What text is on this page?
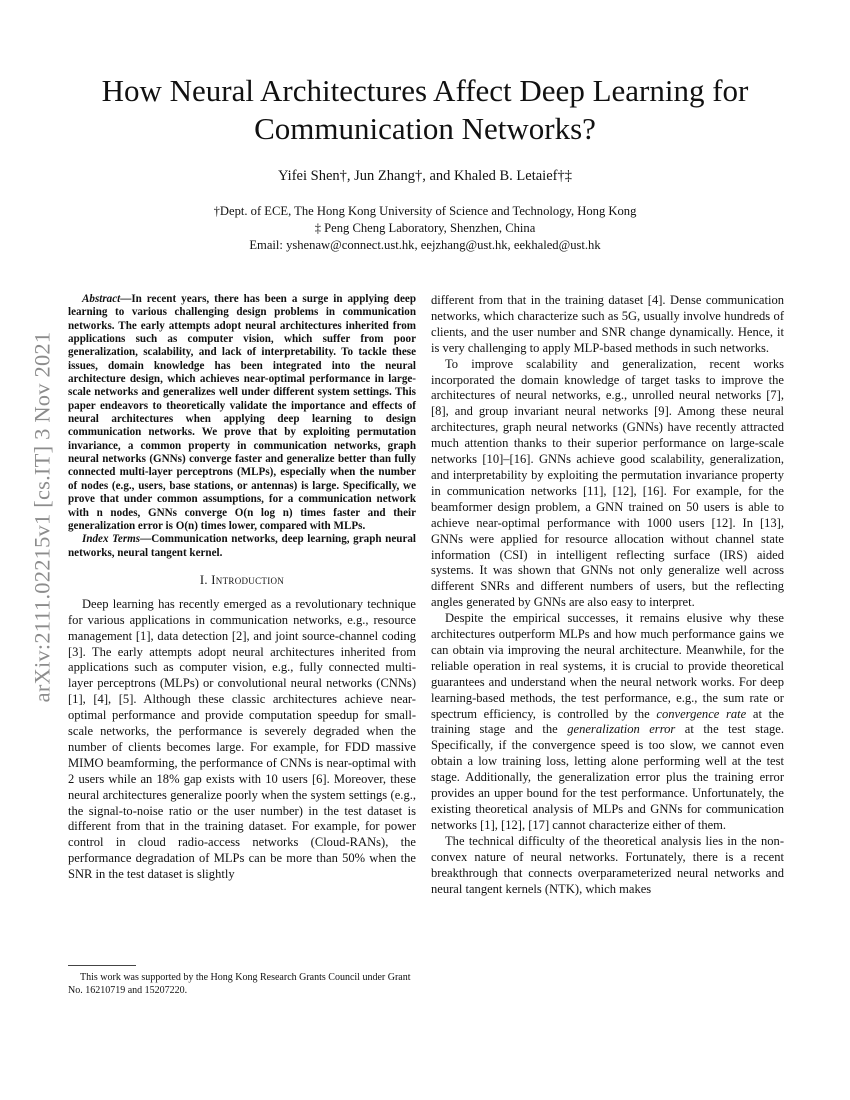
arXiv:2111.02215v1 [cs.IT] 3 Nov 2021
How Neural Architectures Affect Deep Learning for Communication Networks?
Yifei Shen†, Jun Zhang†, and Khaled B. Letaief†‡
†Dept. of ECE, The Hong Kong University of Science and Technology, Hong Kong
‡ Peng Cheng Laboratory, Shenzhen, China
Email: yshenaw@connect.ust.hk, eejzhang@ust.hk, eekhaled@ust.hk

Abstract—In recent years, there has been a surge in applying deep learning to various challenging design problems in communication networks. The early attempts adopt neural architectures inherited from applications such as computer vision, which suffer from poor generalization, scalability, and lack of interpretability. To tackle these issues, domain knowledge has been integrated into the neural architecture design, which achieves near-optimal performance in large-scale networks and generalizes well under different system settings. This paper endeavors to theoretically validate the importance and effects of neural architectures when applying deep learning to design communication networks. We prove that by exploiting permutation invariance, a common property in communication networks, graph neural networks (GNNs) converge faster and generalize better than fully connected multi-layer perceptrons (MLPs), especially when the number of nodes (e.g., users, base stations, or antennas) is large. Specifically, we prove that under common assumptions, for a communication network with n nodes, GNNs converge O(n log n) times faster and their generalization error is O(n) times lower, compared with MLPs.

Index Terms—Communication networks, deep learning, graph neural networks, neural tangent kernel.

I. Introduction

Deep learning has recently emerged as a revolutionary technique for various applications in communication networks, e.g., resource management [1], data detection [2], and joint source-channel coding [3]. The early attempts adopt neural architectures inherited from applications such as computer vision, e.g., fully connected multi-layer perceptrons (MLPs) or convolutional neural networks (CNNs) [1], [4], [5]. Although these classic architectures achieve near-optimal performance and provide computation speedup for small-scale networks, the performance is severely degraded when the number of clients becomes large. For example, for FDD massive MIMO beamforming, the performance of CNNs is near-optimal with 2 users while an 18% gap exists with 10 users [6]. Moreover, these neural architectures generalize poorly when the system settings (e.g., the signal-to-noise ratio or the user number) in the test dataset is different from that in the training dataset. For example, for power control in cloud radio-access networks (Cloud-RANs), the performance degradation of MLPs can be more than 50% when the SNR in the test dataset is slightly

different from that in the training dataset [4]. Dense communication networks, which characterize such as 5G, usually involve hundreds of clients, and the user number and SNR change dynamically. Hence, it is very challenging to apply MLP-based methods in such networks.

To improve scalability and generalization, recent works incorporated the domain knowledge of target tasks to improve the architectures of neural networks, e.g., unrolled neural networks [7], [8], and group invariant neural networks [9]. Among these neural architectures, graph neural networks (GNNs) have recently attracted much attention thanks to their superior performance on large-scale networks [10]–[16]. GNNs achieve good scalability, generalization, and interpretability by exploiting the permutation invariance property in communication networks [11], [12], [16]. For example, for the beamformer design problem, a GNN trained on 50 users is able to achieve near-optimal performance with 1000 users [12]. In [13], GNNs were applied for resource allocation without channel state information (CSI) in intelligent reflecting surface (IRS) aided systems. It was shown that GNNs not only generalize well across different SNRs and different numbers of users, but the reflecting angles generated by GNNs are also easy to interpret.

Despite the empirical successes, it remains elusive why these architectures outperform MLPs and how much performance gains we can obtain via improving the neural architecture. Meanwhile, for the reliable operation in real systems, it is crucial to provide theoretical guarantees and understand when the neural network works. For deep learning-based methods, the test performance, e.g., the sum rate or spectrum efficiency, is controlled by the convergence rate at the training stage and the generalization error at the test stage. Specifically, if the convergence speed is too slow, we cannot even obtain a low training loss, letting alone performing well at the test stage. Additionally, the generalization error plus the training error provides an upper bound for the test performance. Unfortunately, the existing theoretical analysis of MLPs and GNNs for communication networks [1], [12], [17] cannot characterize either of them.

The technical difficulty of the theoretical analysis lies in the non-convex nature of neural networks. Fortunately, there is a recent breakthrough that connects overparameterized neural networks and neural tangent kernels (NTK), which makes

This work was supported by the Hong Kong Research Grants Council under Grant No. 16210719 and 15207220.
